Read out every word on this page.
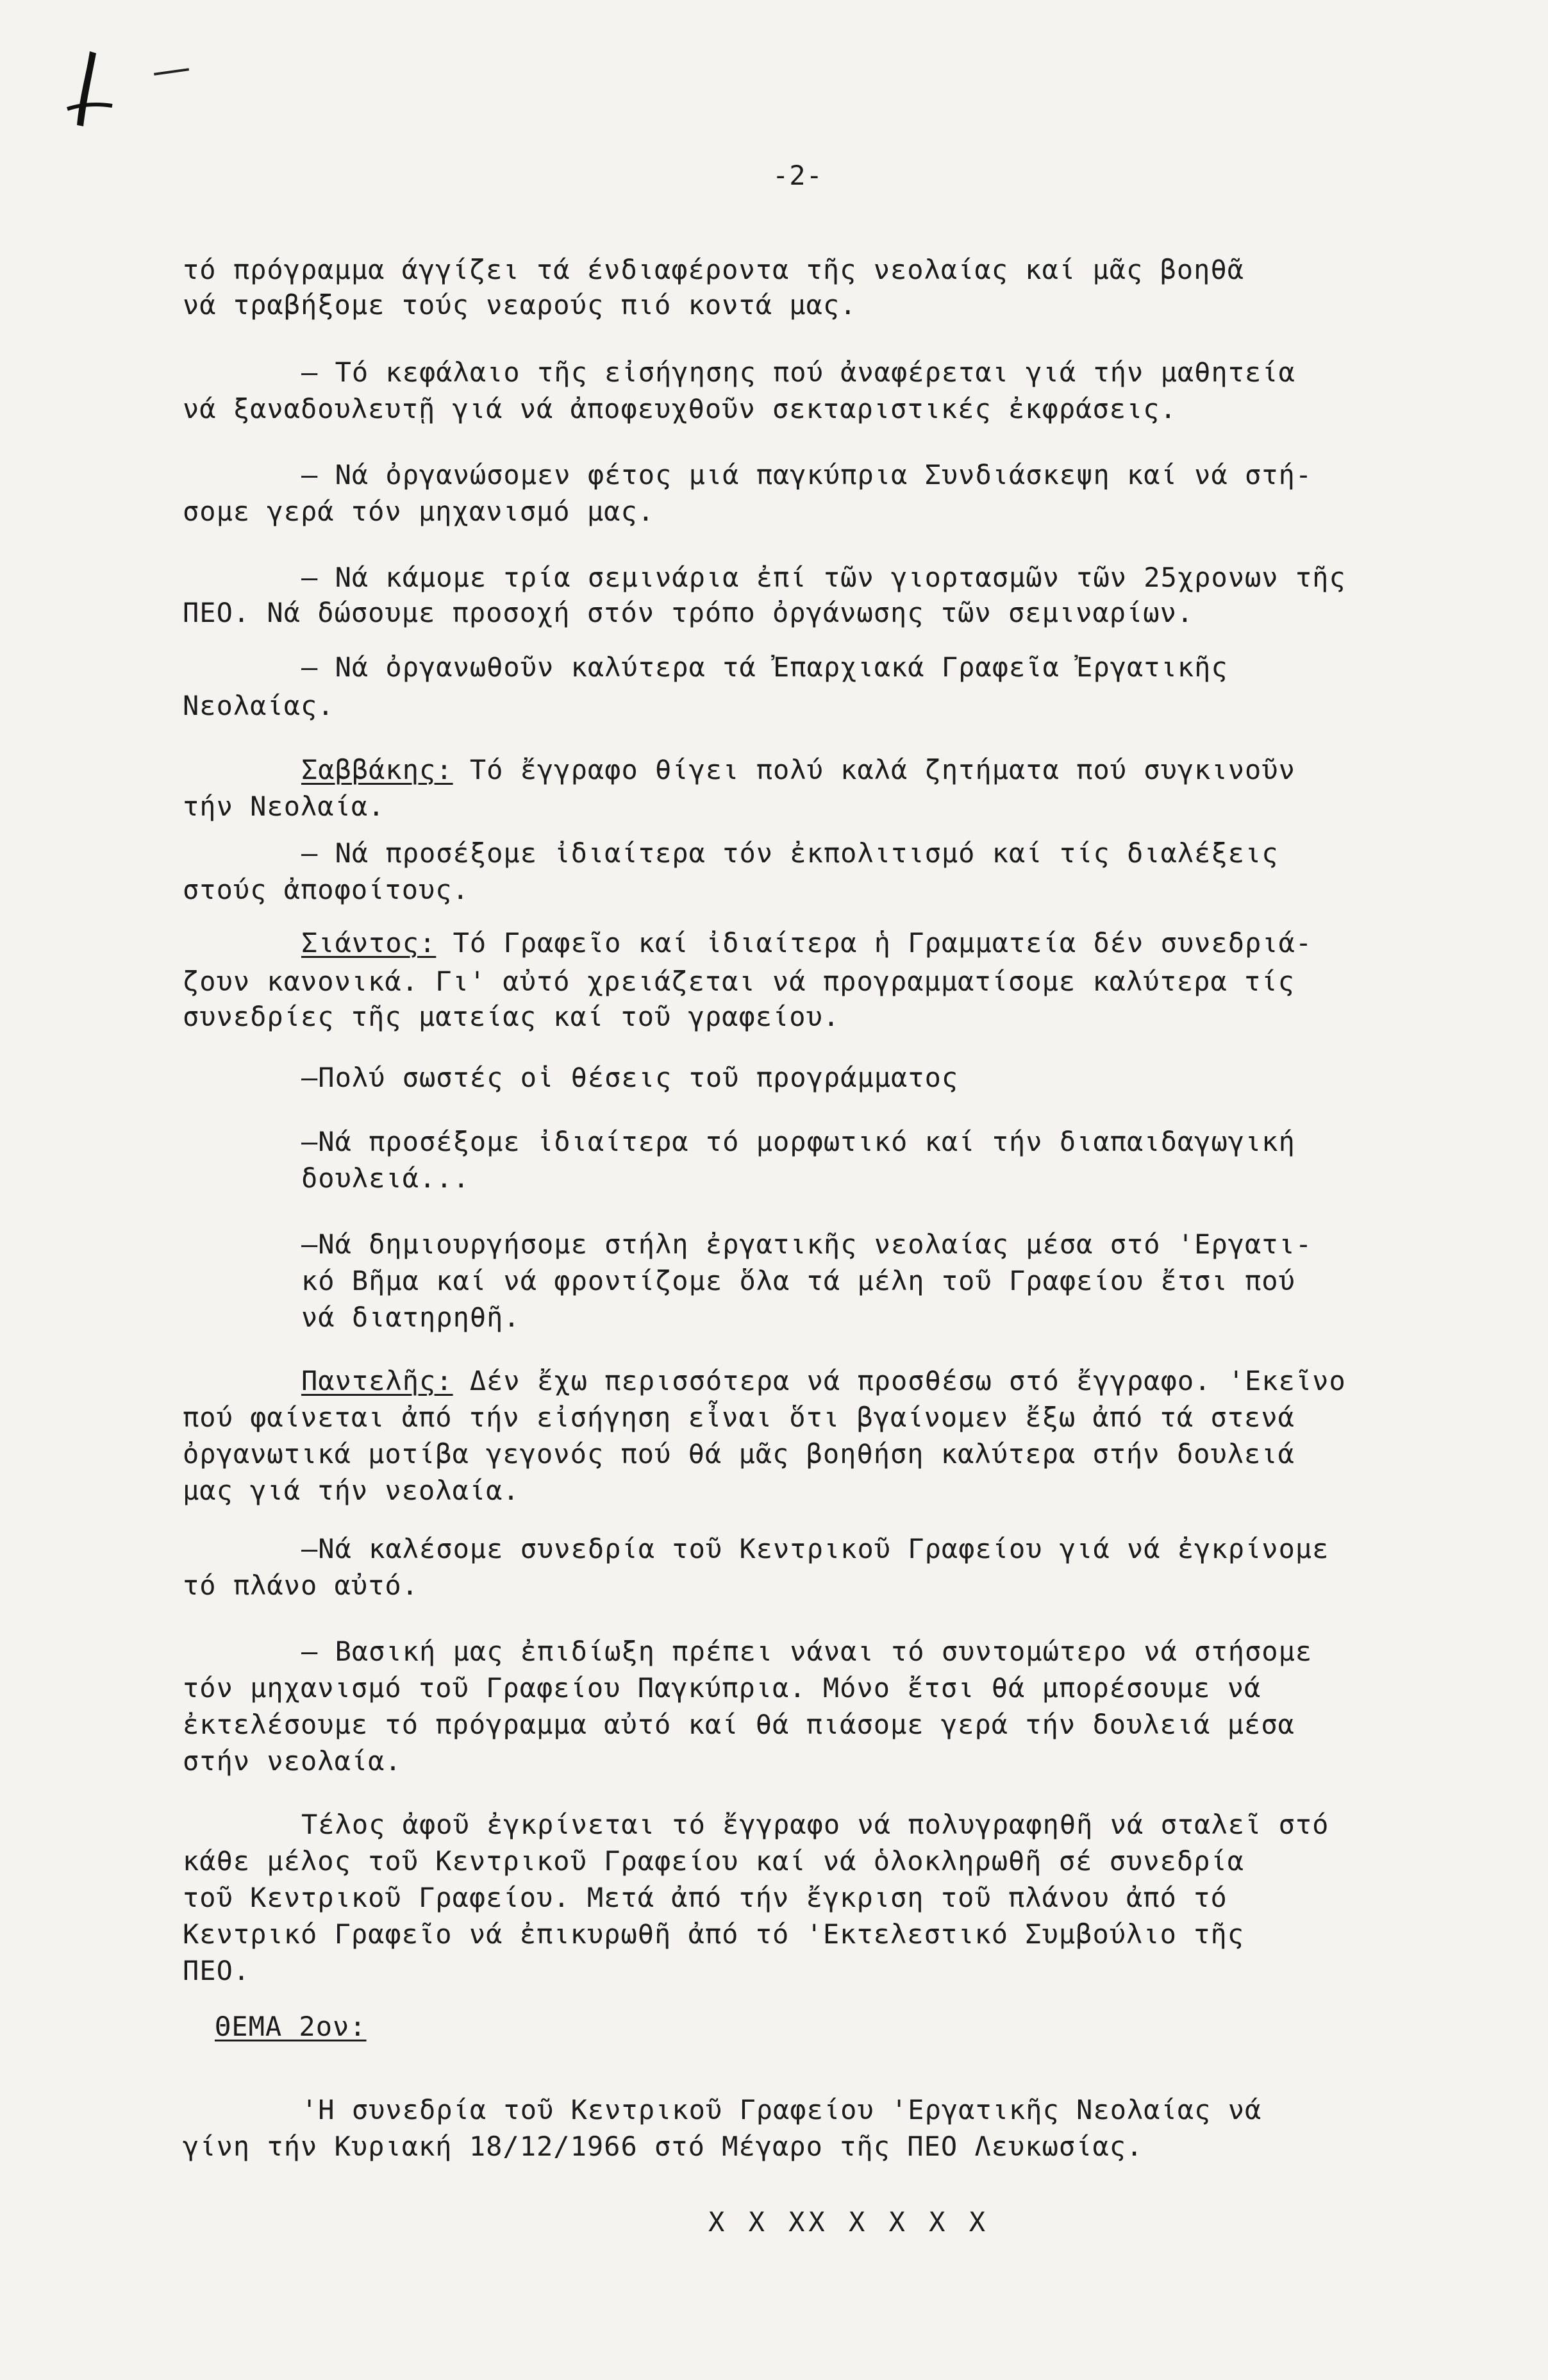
-2-
τό πρόγραμμα άγγίζει τά ένδιαφέροντα τῆς νεολαίας καί μᾶς βοηθᾶ
νά τραβήξομε τούς νεαρούς πιό κοντά μας.
– Τό κεφάλαιο τῆς εἰσήγησης πού ἀναφέρεται γιά τήν μαθητεία
νά ξαναδουλευτῇ γιά νά ἀποφευχθοῦν σεκταριστικές ἐκφράσεις.
– Νά ὀργανώσομεν φέτος μιά παγκύπρια Συνδιάσκεψη καί νά στή-
σομε γερά τόν μηχανισμό μας.
– Νά κάμομε τρία σεμινάρια ἐπί τῶν γιορτασμῶν τῶν 25χρονων τῆς
ΠΕΟ. Νά δώσουμε προσοχή στόν τρόπο ὀργάνωσης τῶν σεμιναρίων.
– Νά ὀργανωθοῦν καλύτερα τά Ἐπαρχιακά Γραφεῖα Ἐργατικῆς
Νεολαίας.
Σαββάκης: Τό ἔγγραφο θίγει πολύ καλά ζητήματα πού συγκινοῦν
τήν Νεολαία.
– Νά προσέξομε ἰδιαίτερα τόν ἐκπολιτισμό καί τίς διαλέξεις
στούς ἀποφοίτους.
Σιάντος: Τό Γραφεῖο καί ἰδιαίτερα ἡ Γραμματεία δέν συνεδριά-
ζουν κανονικά. Γι' αὐτό χρειάζεται νά προγραμματίσομε καλύτερα τίς
συνεδρίες τῆς ματείας καί τοῦ γραφείου.
–Πολύ σωστές οἱ θέσεις τοῦ προγράμματος
–Νά προσέξομε ἰδιαίτερα τό μορφωτικό καί τήν διαπαιδαγωγική
δουλειά...
–Νά δημιουργήσομε στήλη ἐργατικῆς νεολαίας μέσα στό 'Εργατι-
κό Βῆμα καί νά φροντίζομε ὅλα τά μέλη τοῦ Γραφείου ἔτσι πού
νά διατηρηθῆ.
Παντελῆς: Δέν ἔχω περισσότερα νά προσθέσω στό ἔγγραφο. 'Εκεῖνο
πού φαίνεται ἀπό τήν εἰσήγηση εἶναι ὅτι βγαίνομεν ἔξω ἀπό τά στενά
ὀργανωτικά μοτίβα γεγονός πού θά μᾶς βοηθήση καλύτερα στήν δουλειά
μας γιά τήν νεολαία.
–Νά καλέσομε συνεδρία τοῦ Κεντρικοῦ Γραφείου γιά νά ἐγκρίνομε
τό πλάνο αὐτό.
– Βασική μας ἐπιδίωξη πρέπει νάναι τό συντομώτερο νά στήσομε
τόν μηχανισμό τοῦ Γραφείου Παγκύπρια. Μόνο ἔτσι θά μπορέσουμε νά
ἐκτελέσουμε τό πρόγραμμα αὐτό καί θά πιάσομε γερά τήν δουλειά μέσα
στήν νεολαία.
Τέλος ἀφοῦ ἐγκρίνεται τό ἔγγραφο νά πολυγραφηθῆ νά σταλεῖ στό
κάθε μέλος τοῦ Κεντρικοῦ Γραφείου καί νά ὁλοκληρωθῆ σέ συνεδρία
τοῦ Κεντρικοῦ Γραφείου. Μετά ἀπό τήν ἔγκριση τοῦ πλάνου ἀπό τό
Κεντρικό Γραφεῖο νά ἐπικυρωθῆ ἀπό τό 'Εκτελεστικό Συμβούλιο τῆς
ΠΕΟ.
ΘΕΜΑ 2ον:
'Η συνεδρία τοῦ Κεντρικοῦ Γραφείου 'Εργατικῆς Νεολαίας νά
γίνη τήν Κυριακή 18/12/1966 στό Μέγαρο τῆς ΠΕΟ Λευκωσίας.
X X XX X X X X
